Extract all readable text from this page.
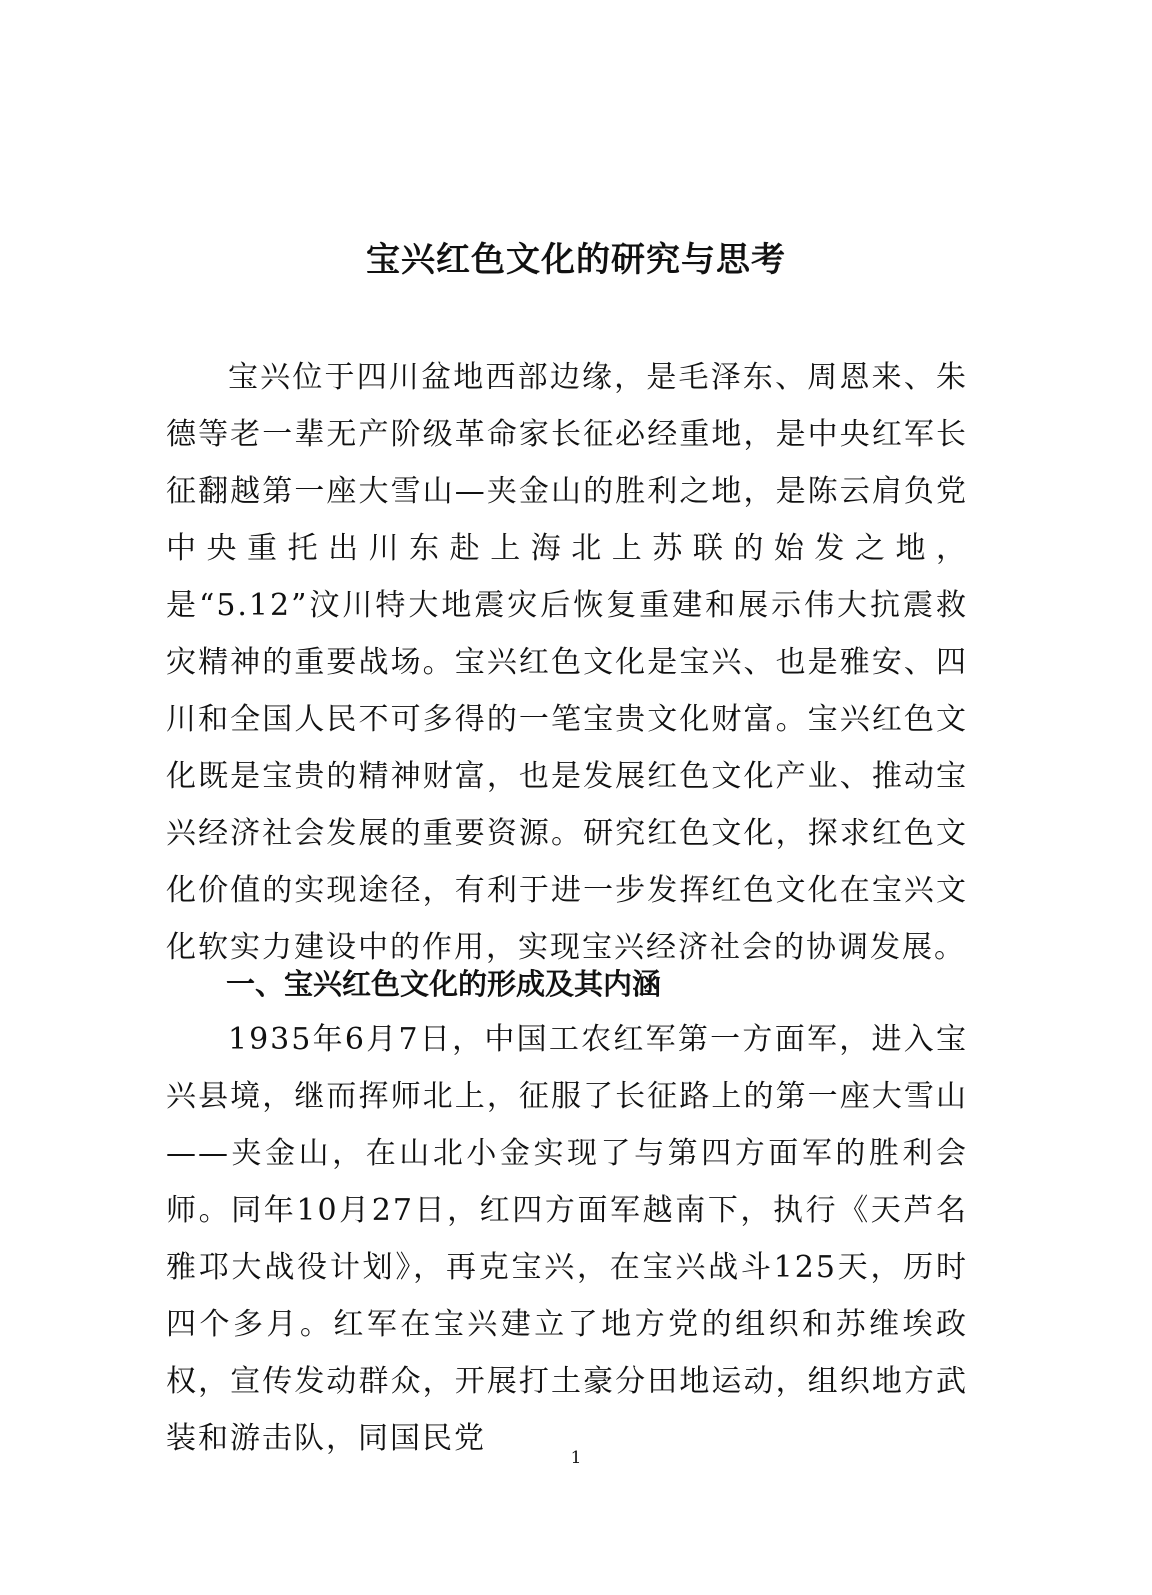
宝兴红色文化的研究与思考

宝兴位于四川盆地西部边缘，是毛泽东、周恩来、朱德等老一辈无产阶级革命家长征必经重地，是中央红军长征翻越第一座大雪山—夹金山的胜利之地，是陈云肩负党中央重托出川东赴上海北上苏联的始发之地，是“5.12”汶川特大地震灾后恢复重建和展示伟大抗震救灾精神的重要战场。宝兴红色文化是宝兴、也是雅安、四川和全国人民不可多得的一笔宝贵文化财富。宝兴红色文化既是宝贵的精神财富，也是发展红色文化产业、推动宝兴经济社会发展的重要资源。研究红色文化，探求红色文化价值的实现途径，有利于进一步发挥红色文化在宝兴文化软实力建设中的作用，实现宝兴经济社会的协调发展。

一、宝兴红色文化的形成及其内涵

1935年6月7日，中国工农红军第一方面军，进入宝兴县境，继而挥师北上，征服了长征路上的第一座大雪山——夹金山，在山北小金实现了与第四方面军的胜利会师。同年10月27日，红四方面军越南下，执行《天芦名雅邛大战役计划》，再克宝兴，在宝兴战斗125天，历时四个多月。红军在宝兴建立了地方党的组织和苏维埃政权，宣传发动群众，开展打土豪分田地运动，组织地方武装和游击队，同国民党

1
